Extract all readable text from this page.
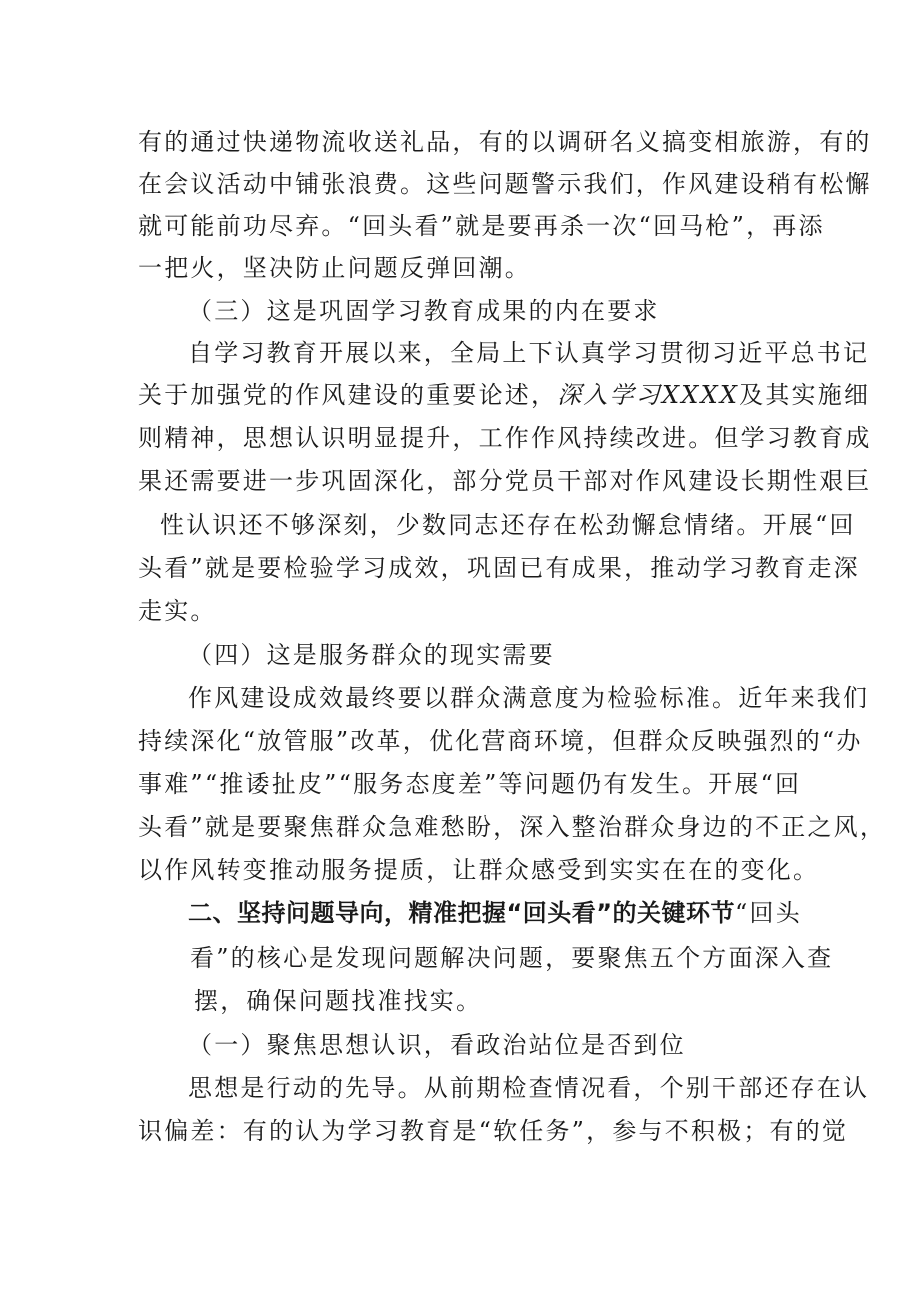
有的通过快递物流收送礼品，有的以调研名义搞变相旅游，有的
在会议活动中铺张浪费。这些问题警示我们，作风建设稍有松懈
就可能前功尽弃。“回头看”就是要再杀一次“回马枪”，再添
一把火，坚决防止问题反弹回潮。
（三）这是巩固学习教育成果的内在要求
自学习教育开展以来，全局上下认真学习贯彻习近平总书记
关于加强党的作风建设的重要论述，深入学习XXXX及其实施细
则精神，思想认识明显提升，工作作风持续改进。但学习教育成
果还需要进一步巩固深化，部分党员干部对作风建设长期性艰巨
性认识还不够深刻，少数同志还存在松劲懈怠情绪。开展“回
头看”就是要检验学习成效，巩固已有成果，推动学习教育走深
走实。
（四）这是服务群众的现实需要
作风建设成效最终要以群众满意度为检验标准。近年来我们
持续深化“放管服”改革，优化营商环境，但群众反映强烈的“办
事难”“推诿扯皮”“服务态度差”等问题仍有发生。开展“回
头看”就是要聚焦群众急难愁盼，深入整治群众身边的不正之风，
以作风转变推动服务提质，让群众感受到实实在在的变化。
二、坚持问题导向，精准把握“回头看”的关键环节“回头
看”的核心是发现问题解决问题，要聚焦五个方面深入查
摆，确保问题找准找实。
（一）聚焦思想认识，看政治站位是否到位
思想是行动的先导。从前期检查情况看，个别干部还存在认
识偏差：有的认为学习教育是“软任务”，参与不积极；有的觉
